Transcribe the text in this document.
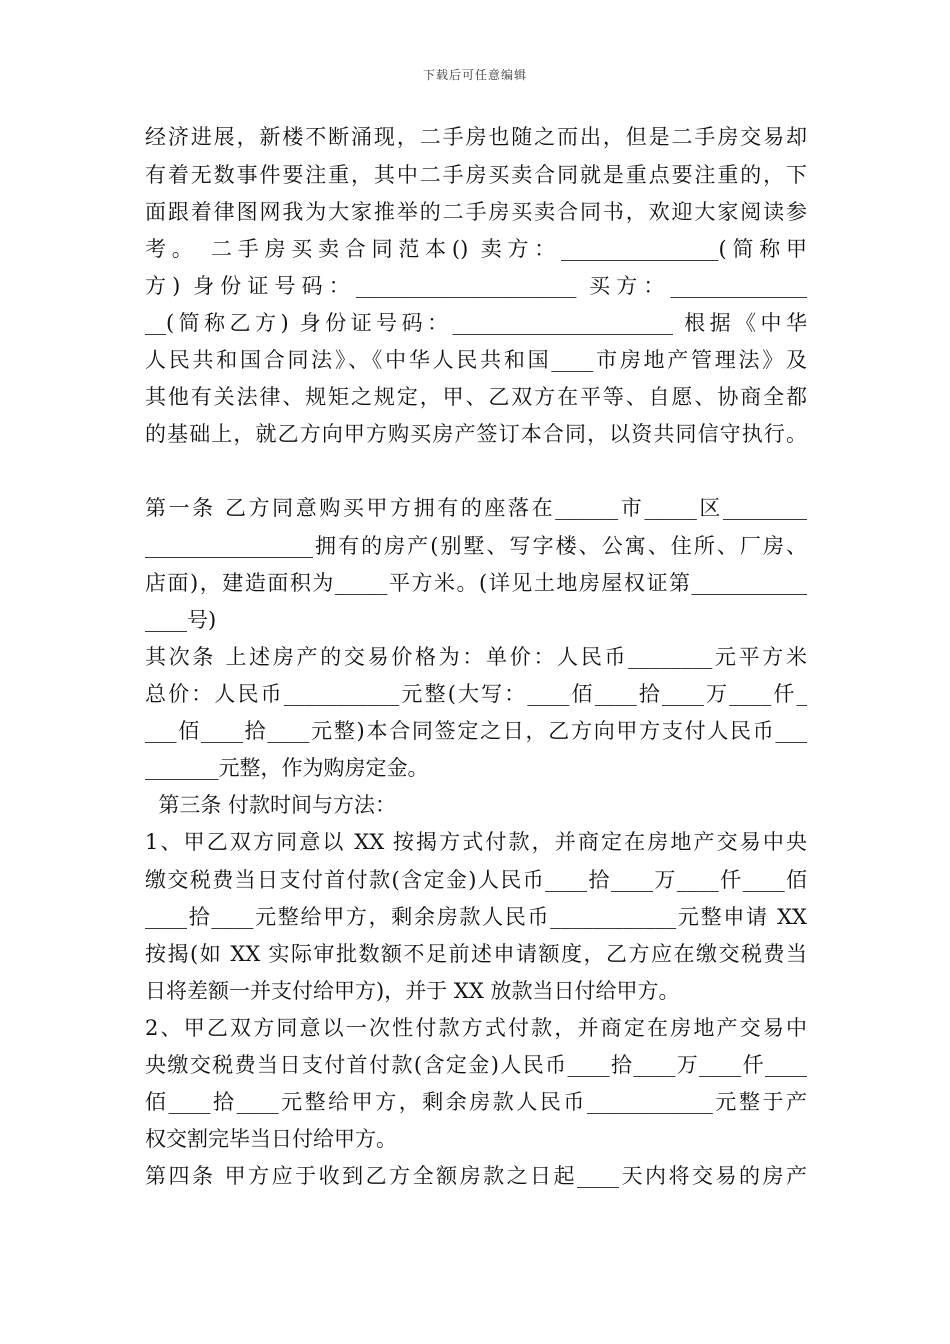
下载后可任意编辑
经济进展，新楼不断涌现，二手房也随之而出，但是二手房交易却
有着无数事件要注重，其中二手房买卖合同就是重点要注重的，下
面跟着律图网我为大家推举的二手房买卖合同书，欢迎大家阅读参
考。 二手房买卖合同范本() 卖方：_______________(简称甲
方) 身份证号码：_____________________ 买方：_____________
__(简称乙方) 身份证号码：_____________________ 根据《中华
人民共和国合同法》、《中华人民共和国____市房地产管理法》及
其他有关法律、规矩之规定，甲、乙双方在平等、自愿、协商全都
的基础上，就乙方向甲方购买房产签订本合同，以资共同信守执行。
第一条 乙方同意购买甲方拥有的座落在______市_____区________
________________拥有的房产(别墅、写字楼、公寓、住所、厂房、
店面)，建造面积为_____平方米。(详见土地房屋权证第___________
____号)
其次条 上述房产的交易价格为：单价：人民币________元平方米
总价：人民币___________元整(大写：____佰____拾____万____仟_
___佰____拾____元整)本合同签定之日，乙方向甲方支付人民币___
_______元整，作为购房定金。
第三条 付款时间与方法：
1、甲乙双方同意以 XX 按揭方式付款，并商定在房地产交易中央
缴交税费当日支付首付款(含定金)人民币____拾____万____仟____佰
____拾____元整给甲方，剩余房款人民币____________元整申请 XX
按揭(如 XX 实际审批数额不足前述申请额度，乙方应在缴交税费当
日将差额一并支付给甲方)，并于 XX 放款当日付给甲方。
2、甲乙双方同意以一次性付款方式付款，并商定在房地产交易中
央缴交税费当日支付首付款(含定金)人民币____拾____万____仟____
佰____拾____元整给甲方，剩余房款人民币____________元整于产
权交割完毕当日付给甲方。
第四条 甲方应于收到乙方全额房款之日起____天内将交易的房产
